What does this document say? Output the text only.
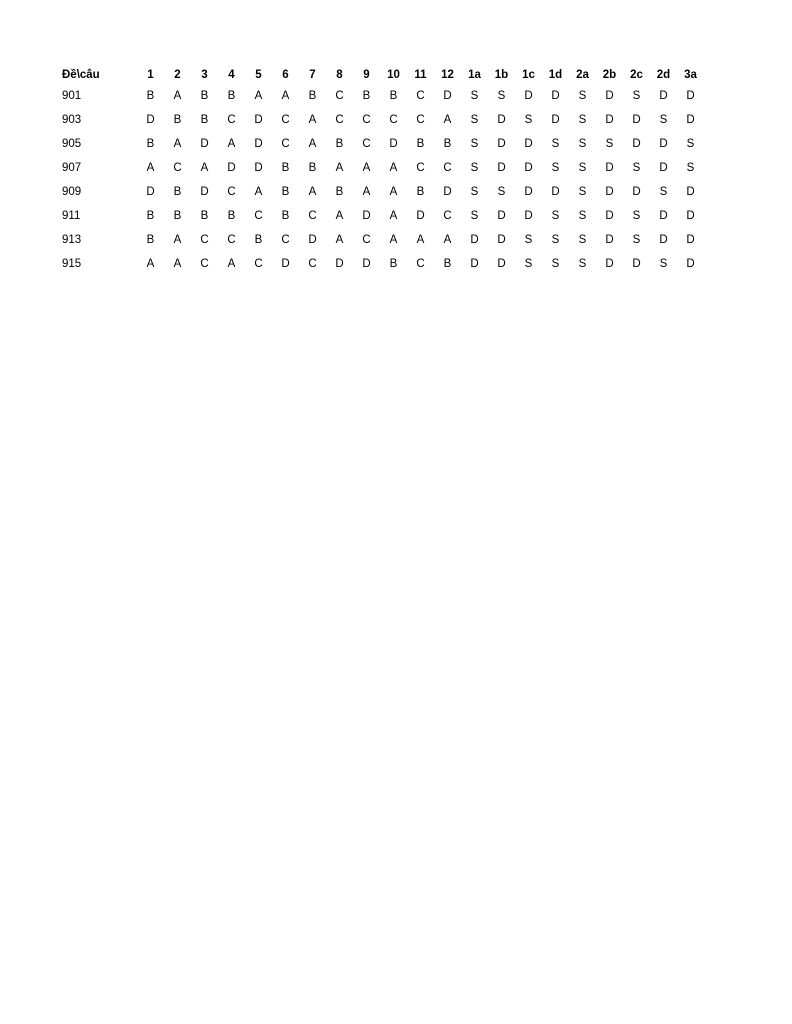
Đề\câu	1	2	3	4	5	6	7	8	9	10	11	12	1a	1b	1c	1d	2a	2b	2c	2d	3a
901	B	A	B	B	A	A	B	C	B	B	C	D	S	S	D	D	S	D	S	D	D
903	D	B	B	C	D	C	A	C	C	C	C	A	S	D	S	D	S	D	D	S	D
905	B	A	D	A	D	C	A	B	C	D	B	B	S	D	D	S	S	S	D	D	S
907	A	C	A	D	D	B	B	A	A	A	C	C	S	D	D	S	S	D	S	D	S
909	D	B	D	C	A	B	A	B	A	A	B	D	S	S	D	D	S	D	D	S	D
911	B	B	B	B	C	B	C	A	D	A	D	C	S	D	D	S	S	D	S	D	D
913	B	A	C	C	B	C	D	A	C	A	A	A	D	D	S	S	S	D	S	D	D
915	A	A	C	A	C	D	C	D	D	B	C	B	D	D	S	S	S	D	D	S	D
